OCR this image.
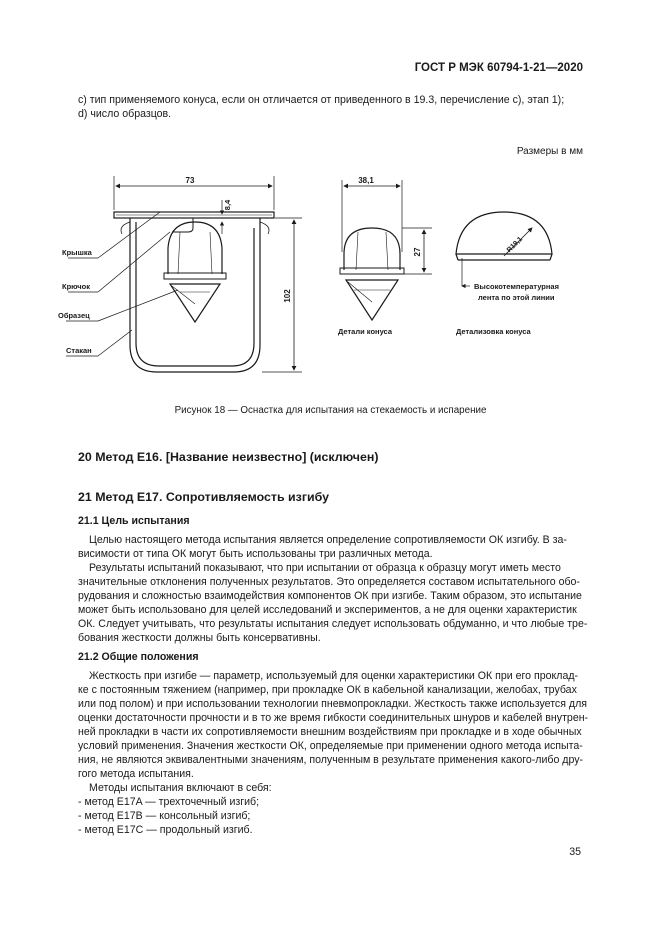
ГОСТ Р МЭК 60794-1-21—2020
c) тип применяемого конуса, если он отличается от приведенного в 19.3, перечисление c), этап 1);
d) число образцов.
Размеры в мм
73
8,4
102
38,1
27	R19,1
Крышка
Крючок
Образец
Стакан
Детали конуса	Детализовка конуса
Высокотемпературная
лента по этой линии
Рисунок 18 — Оснастка для испытания на стекаемость и испарение
20 Метод E16. [Название неизвестно] (исключен)
21 Метод E17. Сопротивляемость изгибу
21.1 Цель испытания
Целью настоящего метода испытания является определение сопротивляемости ОК изгибу. В за-
висимости от типа ОК могут быть использованы три различных метода.
Результаты испытаний показывают, что при испытании от образца к образцу могут иметь место
значительные отклонения полученных результатов. Это определяется составом испытательного обо-
рудования и сложностью взаимодействия компонентов ОК при изгибе. Таким образом, это испытание
может быть использовано для целей исследований и экспериментов, а не для оценки характеристик
ОК. Следует учитывать, что результаты испытания следует использовать обдуманно, и что любые тре-
бования жесткости должны быть консервативны.
21.2 Общие положения
Жесткость при изгибе — параметр, используемый для оценки характеристики ОК при его проклад-
ке с постоянным тяжением (например, при прокладке ОК в кабельной канализации, желобах, трубах
или под полом) и при использовании технологии пневмопрокладки. Жесткость также используется для
оценки достаточности прочности и в то же время гибкости соединительных шнуров и кабелей внутрен-
ней прокладки в части их сопротивляемости внешним воздействиям при прокладке и в ходе обычных
условий применения. Значения жесткости ОК, определяемые при применении одного метода испыта-
ния, не являются эквивалентными значениям, полученным в результате применения какого-либо дру-
гого метода испытания.
Методы испытания включают в себя:
- метод E17A — трехточечный изгиб;
- метод E17B — консольный изгиб;
- метод E17C — продольный изгиб.
35
